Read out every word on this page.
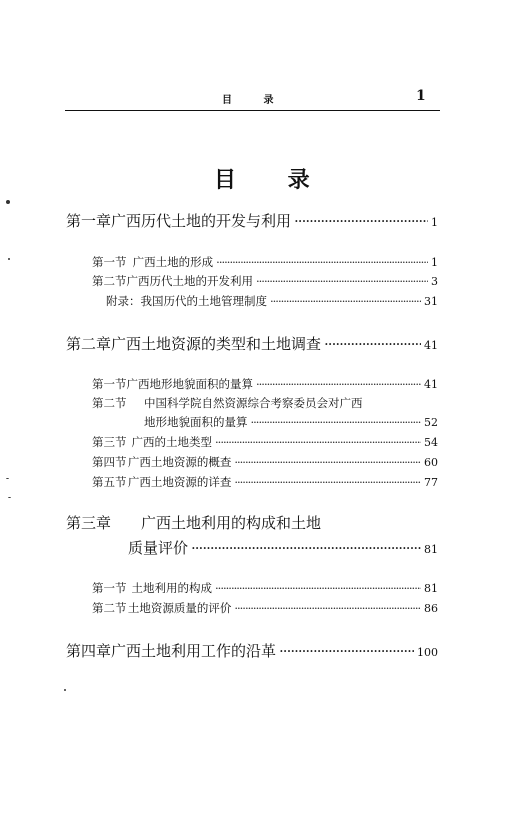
目 录	1
目 录
第一章 广西历代土地的开发与利用 ·····	1
第一节 广西土地的形成 ·····	1
第二节 广西历代土地的开发利用 ·····	3
附录：我国历代的土地管理制度 ·····	31
第二章 广西土地资源的类型和土地调查 ·····	41
第一节 广西地形地貌面积的量算 ·····	41
第二节 中国科学院自然资源综合考察委员会对广西
地形地貌面积的量算 ·····	52
第三节 广西的土地类型 ·····	54
第四节 广西土地资源的概查 ·····	60
第五节 广西土地资源的详查 ·····	77
第三章 广西土地利用的构成和土地
质量评价 ·····	81
第一节 土地利用的构成 ·····	81
第二节 土地资源质量的评价 ·····	86
第四章 广西土地利用工作的沿革 ·····	100
